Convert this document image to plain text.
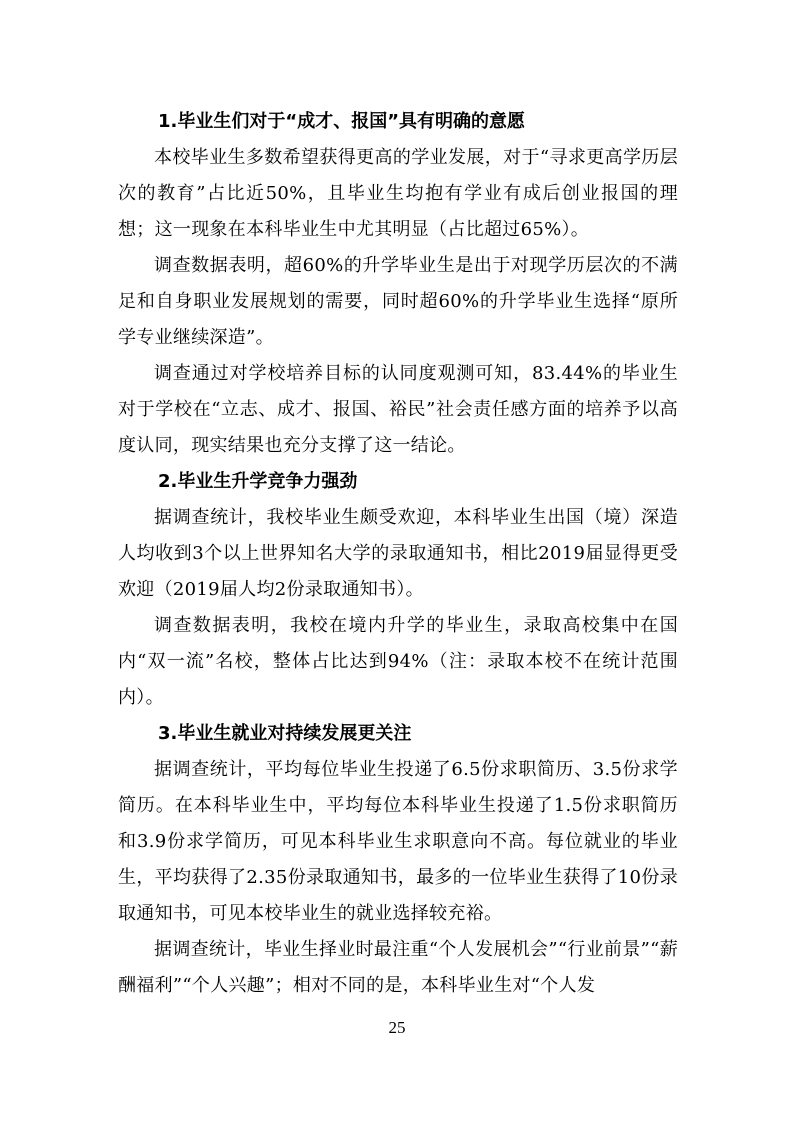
1.毕业生们对于“成才、报国”具有明确的意愿

本校毕业生多数希望获得更高的学业发展，对于“寻求更高学历层次的教育”占比近50%，且毕业生均抱有学业有成后创业报国的理想；这一现象在本科毕业生中尤其明显（占比超过65%）。

调查数据表明，超60%的升学毕业生是出于对现学历层次的不满足和自身职业发展规划的需要，同时超60%的升学毕业生选择“原所学专业继续深造”。

调查通过对学校培养目标的认同度观测可知，83.44%的毕业生对于学校在“立志、成才、报国、裕民”社会责任感方面的培养予以高度认同，现实结果也充分支撑了这一结论。

2.毕业生升学竞争力强劲

据调查统计，我校毕业生颇受欢迎，本科毕业生出国（境）深造人均收到3个以上世界知名大学的录取通知书，相比2019届显得更受欢迎（2019届人均2份录取通知书）。

调查数据表明，我校在境内升学的毕业生，录取高校集中在国内“双一流”名校，整体占比达到94%（注：录取本校不在统计范围内）。

3.毕业生就业对持续发展更关注

据调查统计，平均每位毕业生投递了6.5份求职简历、3.5份求学简历。在本科毕业生中，平均每位本科毕业生投递了1.5份求职简历和3.9份求学简历，可见本科毕业生求职意向不高。每位就业的毕业生，平均获得了2.35份录取通知书，最多的一位毕业生获得了10份录取通知书，可见本校毕业生的就业选择较充裕。

据调查统计，毕业生择业时最注重“个人发展机会”“行业前景”“薪酬福利”“个人兴趣”；相对不同的是，本科毕业生对“个人发

25
